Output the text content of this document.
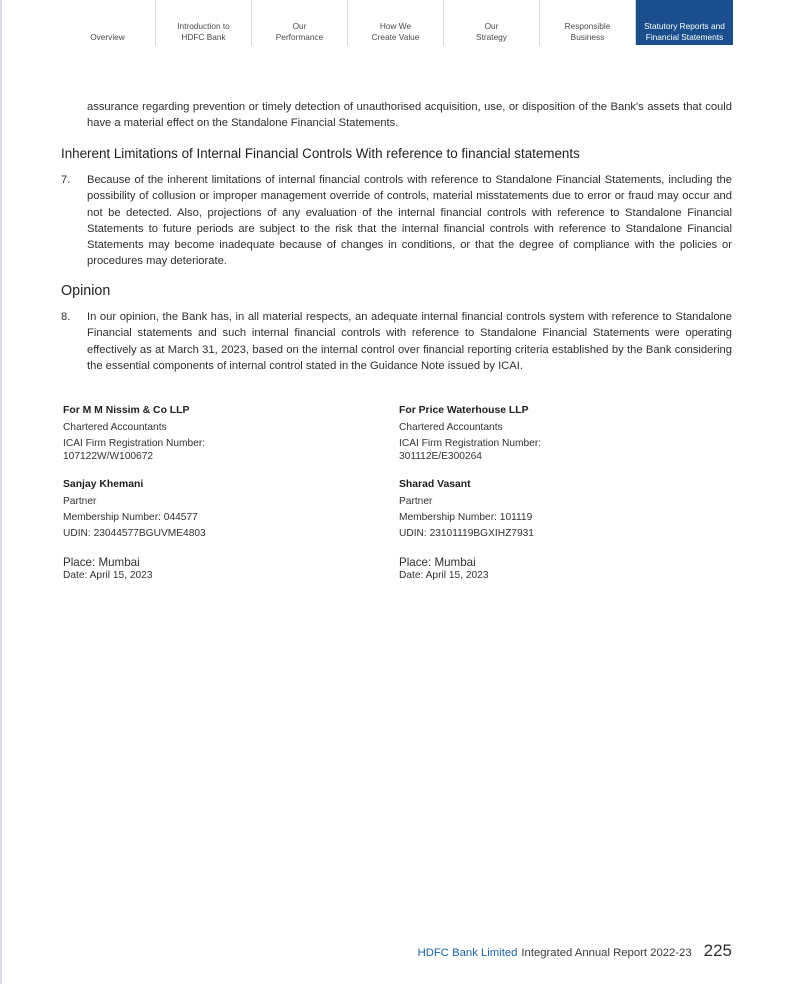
Overview
Introduction to
HDFC Bank
Our
Performance
How We
Create Value
Our
Strategy
Responsible
Business
Statutory Reports and
Financial Statements

assurance regarding prevention or timely detection of unauthorised acquisition, use, or disposition of the Bank's assets that could have a material effect on the Standalone Financial Statements.

Inherent Limitations of Internal Financial Controls With reference to financial statements
7. Because of the inherent limitations of internal financial controls with reference to Standalone Financial Statements, including the possibility of collusion or improper management override of controls, material misstatements due to error or fraud may occur and not be detected. Also, projections of any evaluation of the internal financial controls with reference to Standalone Financial Statements to future periods are subject to the risk that the internal financial controls with reference to Standalone Financial Statements may become inadequate because of changes in conditions, or that the degree of compliance with the policies or procedures may deteriorate.

Opinion
8. In our opinion, the Bank has, in all material respects, an adequate internal financial controls system with reference to Standalone Financial statements and such internal financial controls with reference to Standalone Financial Statements were operating effectively as at March 31, 2023, based on the internal control over financial reporting criteria established by the Bank considering the essential components of internal control stated in the Guidance Note issued by ICAI.

For M M Nissim & Co LLP
Chartered Accountants
ICAI Firm Registration Number:
107122W/W100672
Sanjay Khemani
Partner
Membership Number: 044577
UDIN: 23044577BGUVME4803
Place: Mumbai
Date: April 15, 2023
For Price Waterhouse LLP
Chartered Accountants
ICAI Firm Registration Number:
301112E/E300264
Sharad Vasant
Partner
Membership Number: 101119
UDIN: 23101119BGXIHZ7931
Place: Mumbai
Date: April 15, 2023
HDFC Bank Limited Integrated Annual Report 2022-23 225
